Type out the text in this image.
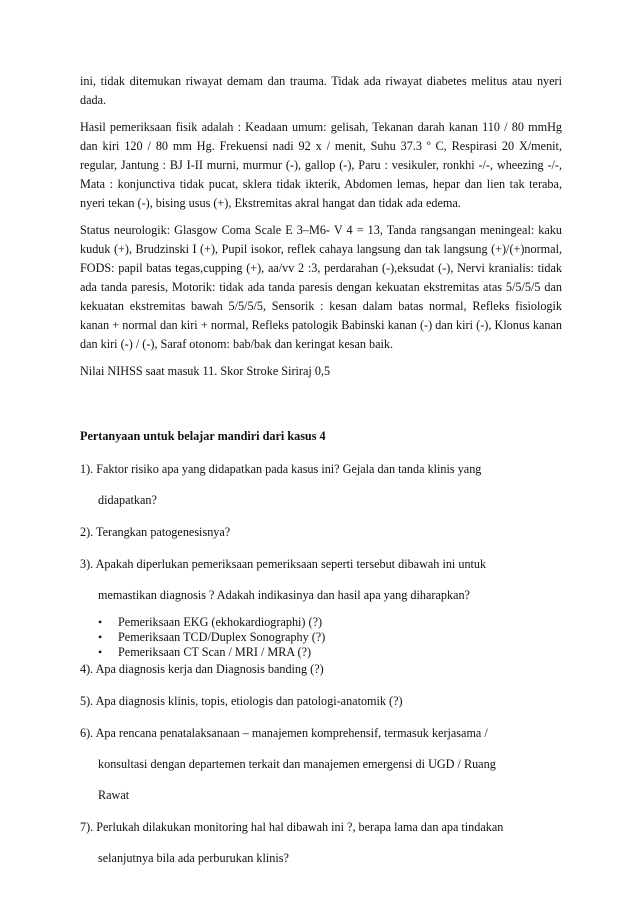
ini, tidak ditemukan riwayat demam dan trauma. Tidak ada riwayat diabetes melitus atau nyeri dada.

Hasil pemeriksaan fisik adalah : Keadaan umum: gelisah, Tekanan darah kanan 110 / 80 mmHg dan kiri 120 / 80 mm Hg. Frekuensi nadi 92 x / menit, Suhu 37.3 º C, Respirasi 20 X/menit, regular, Jantung : BJ I-II murni, murmur (-), gallop (-), Paru : vesikuler, ronkhi -/-, wheezing -/-, Mata : konjunctiva tidak pucat, sklera tidak ikterik, Abdomen lemas, hepar dan lien tak teraba, nyeri tekan (-), bising usus (+), Ekstremitas akral hangat dan tidak ada edema.

Status neurologik: Glasgow Coma Scale E 3–M6- V 4 = 13, Tanda rangsangan meningeal: kaku kuduk (+), Brudzinski I (+), Pupil isokor, reflek cahaya langsung dan tak langsung (+)/(+)normal, FODS: papil batas tegas,cupping (+), aa/vv 2 :3, perdarahan (-),eksudat (-), Nervi kranialis: tidak ada tanda paresis, Motorik: tidak ada tanda paresis dengan kekuatan ekstremitas atas 5/5/5/5 dan kekuatan ekstremitas bawah 5/5/5/5, Sensorik : kesan dalam batas normal, Refleks fisiologik kanan + normal dan kiri + normal, Refleks patologik Babinski kanan (-) dan kiri (-), Klonus kanan dan kiri (-) / (-), Saraf otonom: bab/bak dan keringat kesan baik.

Nilai NIHSS saat masuk 11. Skor Stroke Siriraj 0,5

Pertanyaan untuk belajar mandiri dari kasus 4

1). Faktor risiko apa yang didapatkan pada kasus ini? Gejala dan tanda klinis yang

didapatkan?

2). Terangkan patogenesisnya?

3). Apakah diperlukan pemeriksaan pemeriksaan seperti tersebut dibawah ini untuk

memastikan diagnosis ? Adakah indikasinya dan hasil apa yang diharapkan?

• Pemeriksaan EKG (ekhokardiographi) (?)
• Pemeriksaan TCD/Duplex Sonography (?)
• Pemeriksaan CT Scan / MRI / MRA (?)

4). Apa diagnosis kerja dan Diagnosis banding (?)

5). Apa diagnosis klinis, topis, etiologis dan patologi-anatomik (?)

6). Apa rencana penatalaksanaan – manajemen komprehensif, termasuk kerjasama /

konsultasi dengan departemen terkait dan manajemen emergensi di UGD / Ruang

Rawat

7). Perlukah dilakukan monitoring hal hal dibawah ini ?, berapa lama dan apa tindakan

selanjutnya bila ada perburukan klinis?
